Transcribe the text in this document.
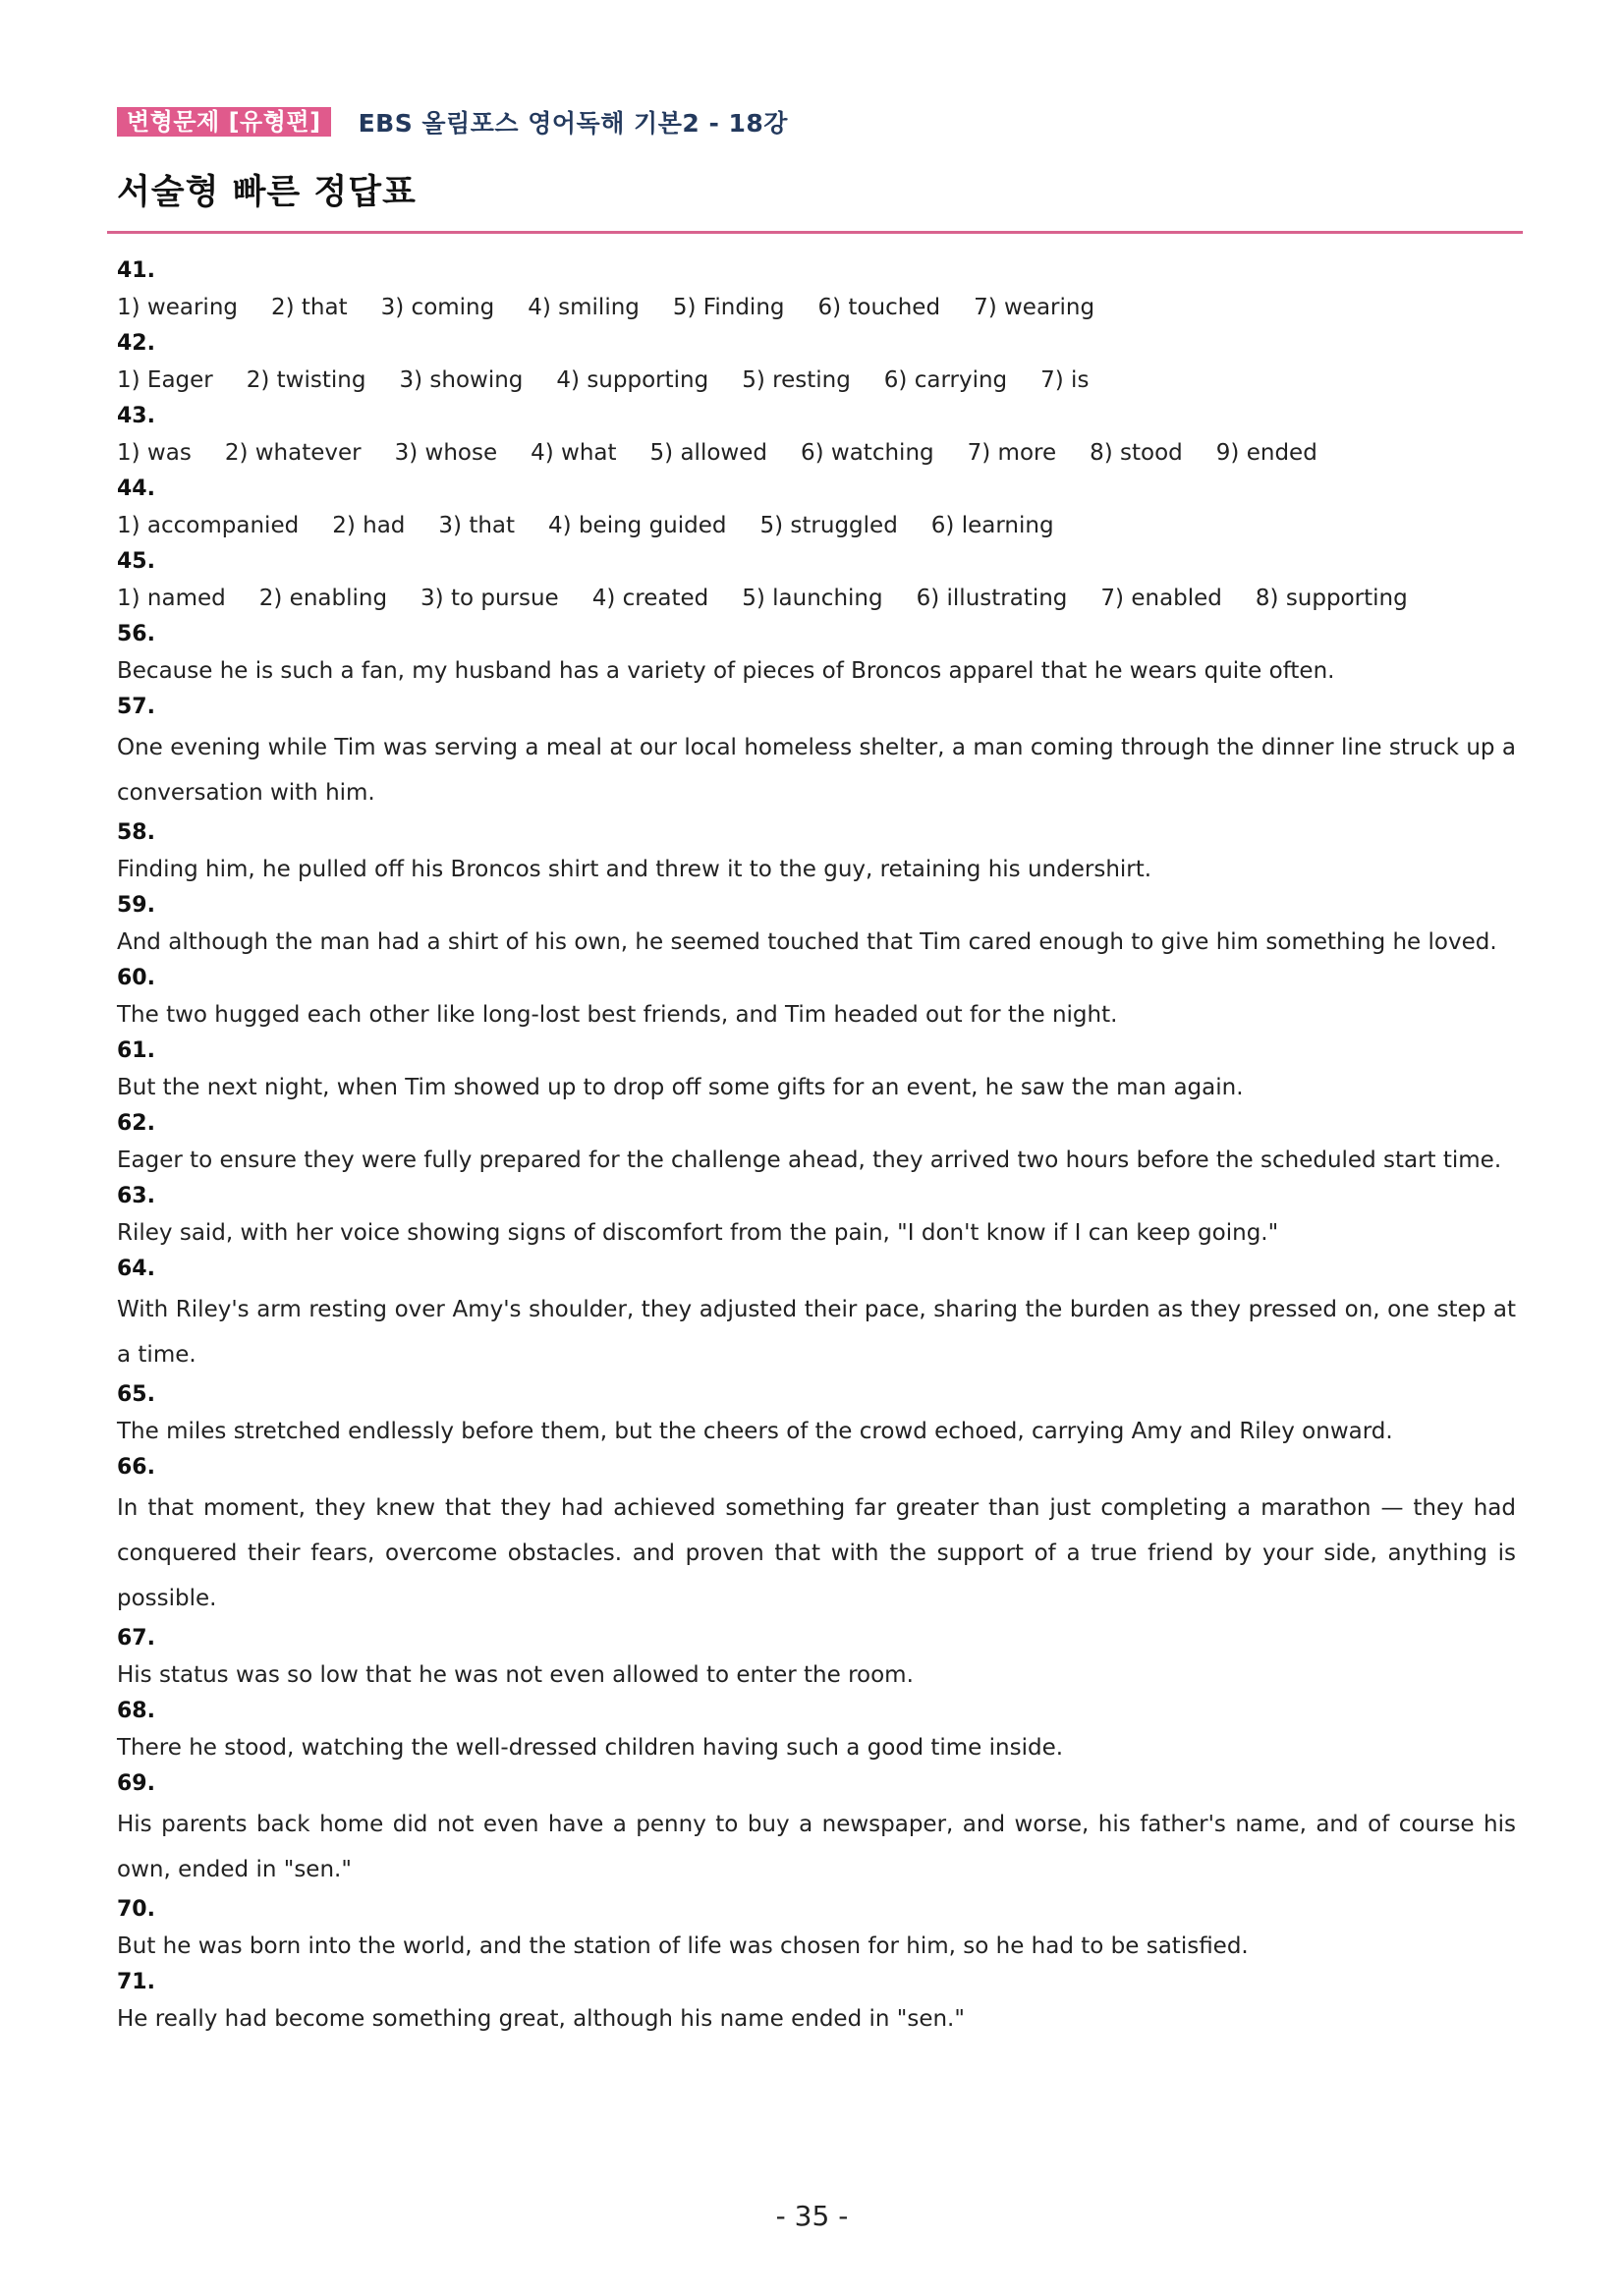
변형문제 [유형편]	EBS 올림포스 영어독해 기본2 - 18강
서술형 빠른 정답표

41.

1) wearing 2) that 3) coming 4) smiling 5) Finding 6) touched 7) wearing

42.

1) Eager 2) twisting 3) showing 4) supporting 5) resting 6) carrying 7) is

43.

1) was 2) whatever 3) whose 4) what 5) allowed 6) watching 7) more 8) stood 9) ended

44.

1) accompanied 2) had 3) that 4) being guided 5) struggled 6) learning

45.

1) named 2) enabling 3) to pursue 4) created 5) launching 6) illustrating 7) enabled 8) supporting

56.

Because he is such a fan, my husband has a variety of pieces of Broncos apparel that he wears quite often.

57.

One evening while Tim was serving a meal at our local homeless shelter, a man coming through the dinner line struck up a conversation with him.

58.

Finding him, he pulled off his Broncos shirt and threw it to the guy, retaining his undershirt.

59.

And although the man had a shirt of his own, he seemed touched that Tim cared enough to give him something he loved.

60.

The two hugged each other like long-lost best friends, and Tim headed out for the night.

61.

But the next night, when Tim showed up to drop off some gifts for an event, he saw the man again.

62.

Eager to ensure they were fully prepared for the challenge ahead, they arrived two hours before the scheduled start time.

63.

Riley said, with her voice showing signs of discomfort from the pain, "I don't know if I can keep going."

64.

With Riley's arm resting over Amy's shoulder, they adjusted their pace, sharing the burden as they pressed on, one step at a time.

65.

The miles stretched endlessly before them, but the cheers of the crowd echoed, carrying Amy and Riley onward.

66.

In that moment, they knew that they had achieved something far greater than just completing a marathon — they had conquered their fears, overcome obstacles. and proven that with the support of a true friend by your side, anything is possible.

67.

His status was so low that he was not even allowed to enter the room.

68.

There he stood, watching the well-dressed children having such a good time inside.

69.

His parents back home did not even have a penny to buy a newspaper, and worse, his father's name, and of course his own, ended in "sen."

70.

But he was born into the world, and the station of life was chosen for him, so he had to be satisfied.

71.

He really had become something great, although his name ended in "sen."

- 35 -
